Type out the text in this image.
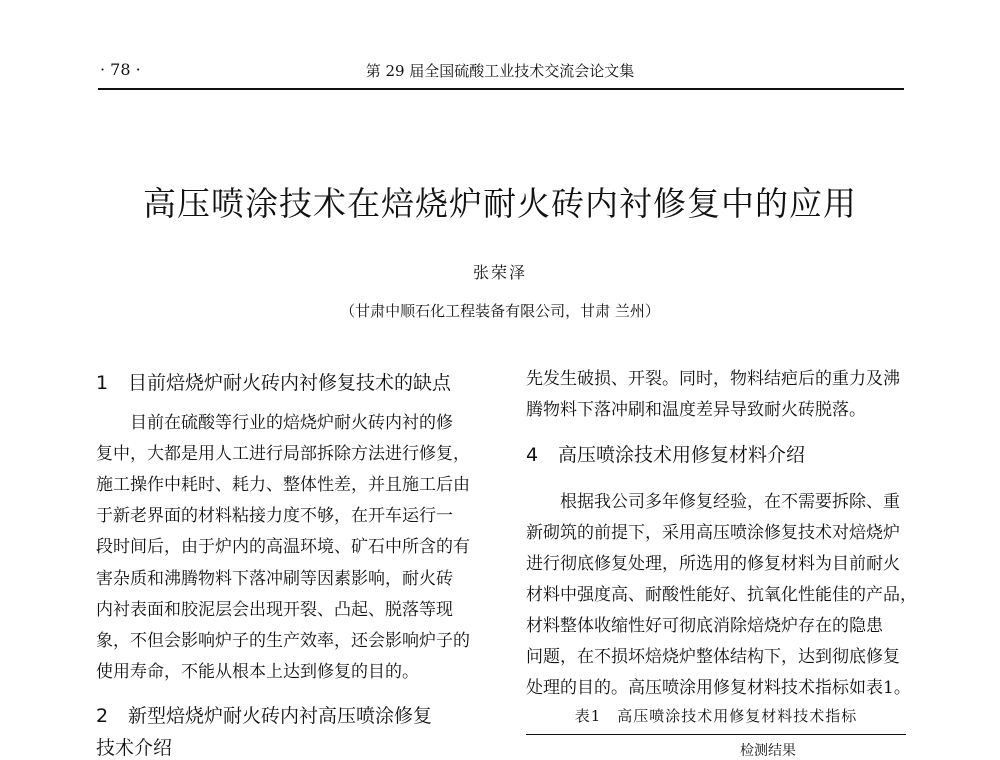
· 78 ·	第 29 届全国硫酸工业技术交流会论文集
高压喷涂技术在焙烧炉耐火砖内衬修复中的应用
张荣泽
（甘肃中顺石化工程装备有限公司，甘肃 兰州）
1 目前焙烧炉耐火砖内衬修复技术的缺点
目前在硫酸等行业的焙烧炉耐火砖内衬的修
复中，大都是用人工进行局部拆除方法进行修复，
施工操作中耗时、耗力、整体性差，并且施工后由
于新老界面的材料粘接力度不够，在开车运行一
段时间后，由于炉内的高温环境、矿石中所含的有
害杂质和沸腾物料下落冲刷等因素影响，耐火砖
内衬表面和胶泥层会出现开裂、凸起、脱落等现
象，不但会影响炉子的生产效率，还会影响炉子的
使用寿命，不能从根本上达到修复的目的。
2 新型焙烧炉耐火砖内衬高压喷涂修复
技术介绍
先发生破损、开裂。同时，物料结疤后的重力及沸
腾物料下落冲刷和温度差异导致耐火砖脱落。
4 高压喷涂技术用修复材料介绍
根据我公司多年修复经验，在不需要拆除、重
新砌筑的前提下，采用高压喷涂修复技术对焙烧炉
进行彻底修复处理，所选用的修复材料为目前耐火
材料中强度高、耐酸性能好、抗氧化性能佳的产品，
材料整体收缩性好可彻底消除焙烧炉存在的隐患
问题，在不损坏焙烧炉整体结构下，达到彻底修复
处理的目的。高压喷涂用修复材料技术指标如表1。
表1　高压喷涂技术用修复材料技术指标
检测结果
